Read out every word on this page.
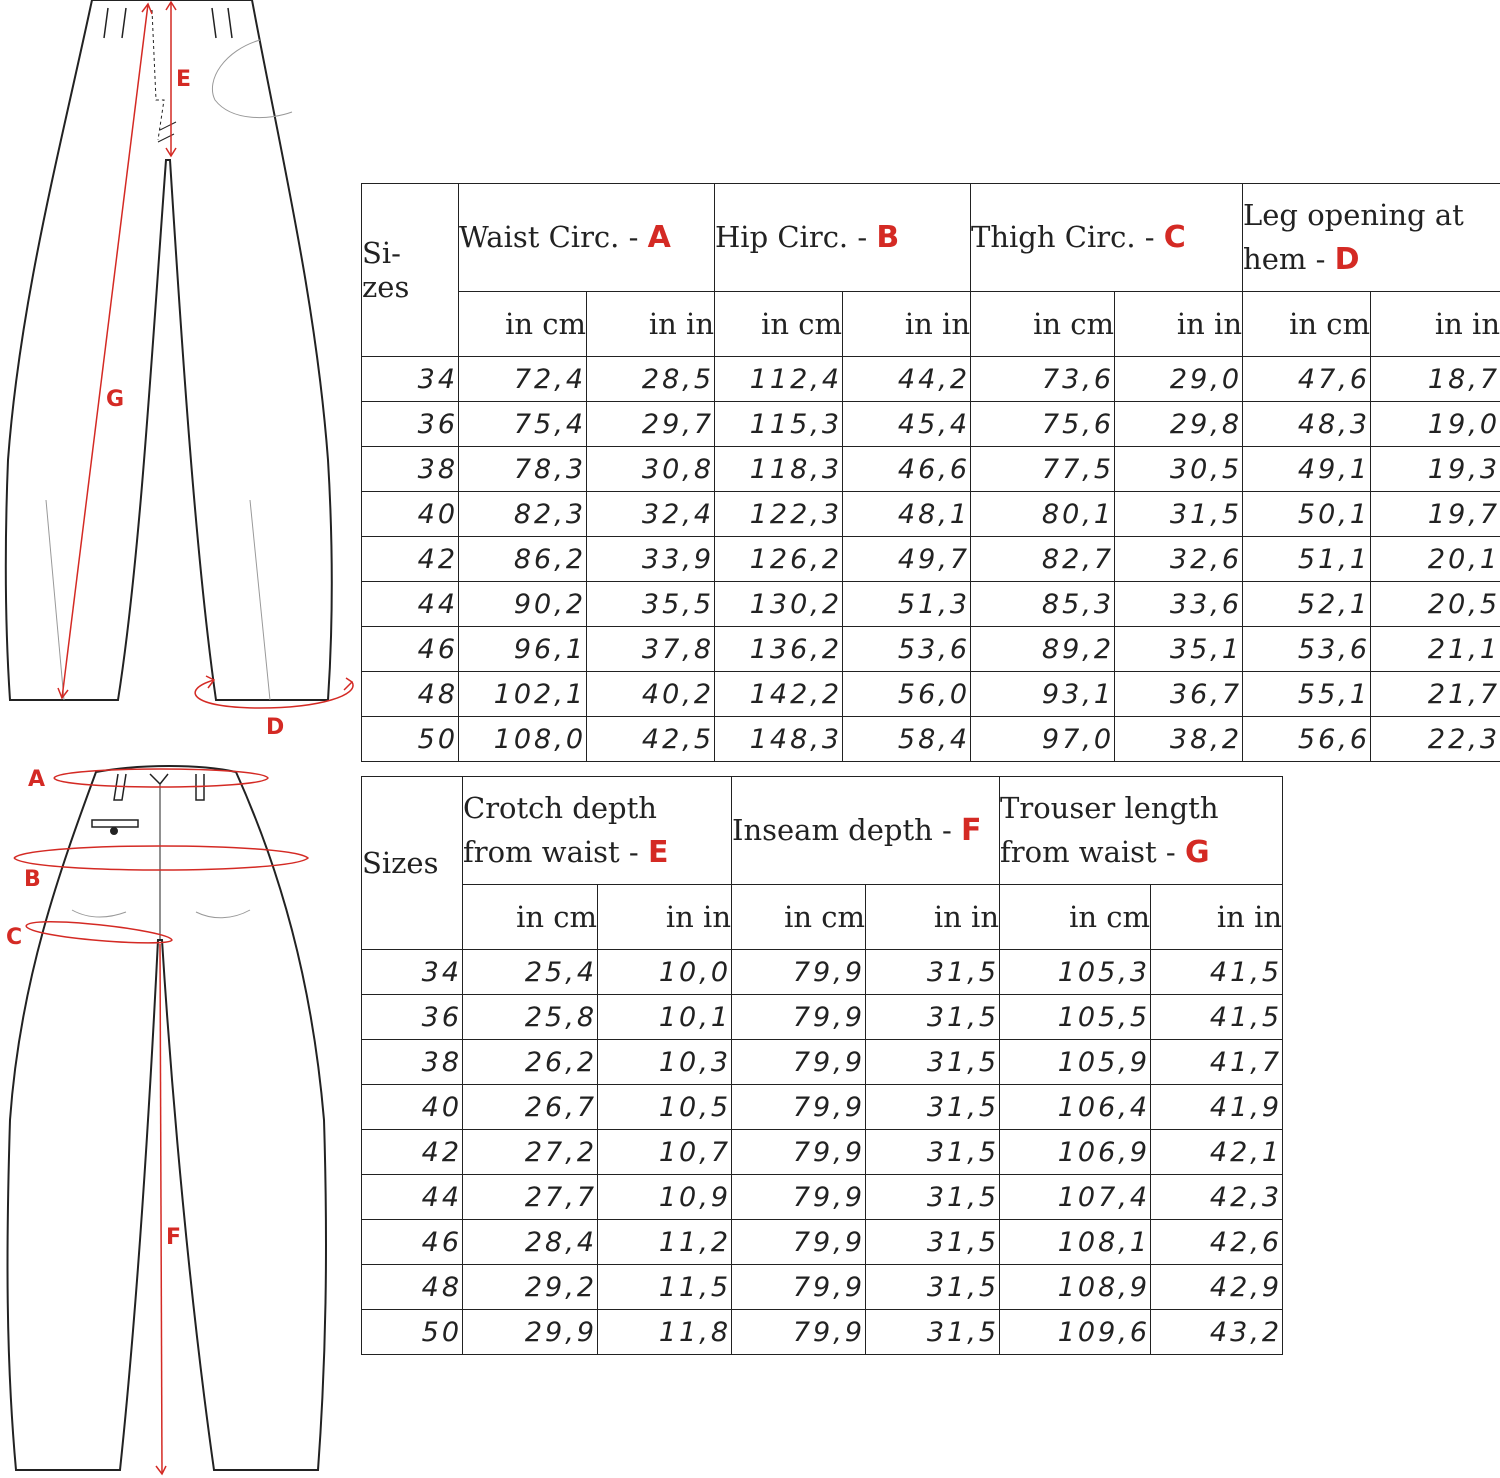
E
G
D
A
B
C
F
Si-
zes	Waist Circ. - A		Hip Circ. - B		Thigh Circ. - C		Leg opening at
hem - D	
	in cm	in in	in cm	in in	in cm	in in	in cm	in in
34	72,4	28,5	112,4	44,2	73,6	29,0	47,6	18,7
36	75,4	29,7	115,3	45,4	75,6	29,8	48,3	19,0
38	78,3	30,8	118,3	46,6	77,5	30,5	49,1	19,3
40	82,3	32,4	122,3	48,1	80,1	31,5	50,1	19,7
42	86,2	33,9	126,2	49,7	82,7	32,6	51,1	20,1
44	90,2	35,5	130,2	51,3	85,3	33,6	52,1	20,5
46	96,1	37,8	136,2	53,6	89,2	35,1	53,6	21,1
48	102,1	40,2	142,2	56,0	93,1	36,7	55,1	21,7
50	108,0	42,5	148,3	58,4	97,0	38,2	56,6	22,3
Sizes	Crotch depth
from waist - E		Inseam depth - F		Trouser length
from waist - G	
	in cm	in in	in cm	in in	in cm	in in
34	25,4	10,0	79,9	31,5	105,3	41,5
36	25,8	10,1	79,9	31,5	105,5	41,5
38	26,2	10,3	79,9	31,5	105,9	41,7
40	26,7	10,5	79,9	31,5	106,4	41,9
42	27,2	10,7	79,9	31,5	106,9	42,1
44	27,7	10,9	79,9	31,5	107,4	42,3
46	28,4	11,2	79,9	31,5	108,1	42,6
48	29,2	11,5	79,9	31,5	108,9	42,9
50	29,9	11,8	79,9	31,5	109,6	43,2
